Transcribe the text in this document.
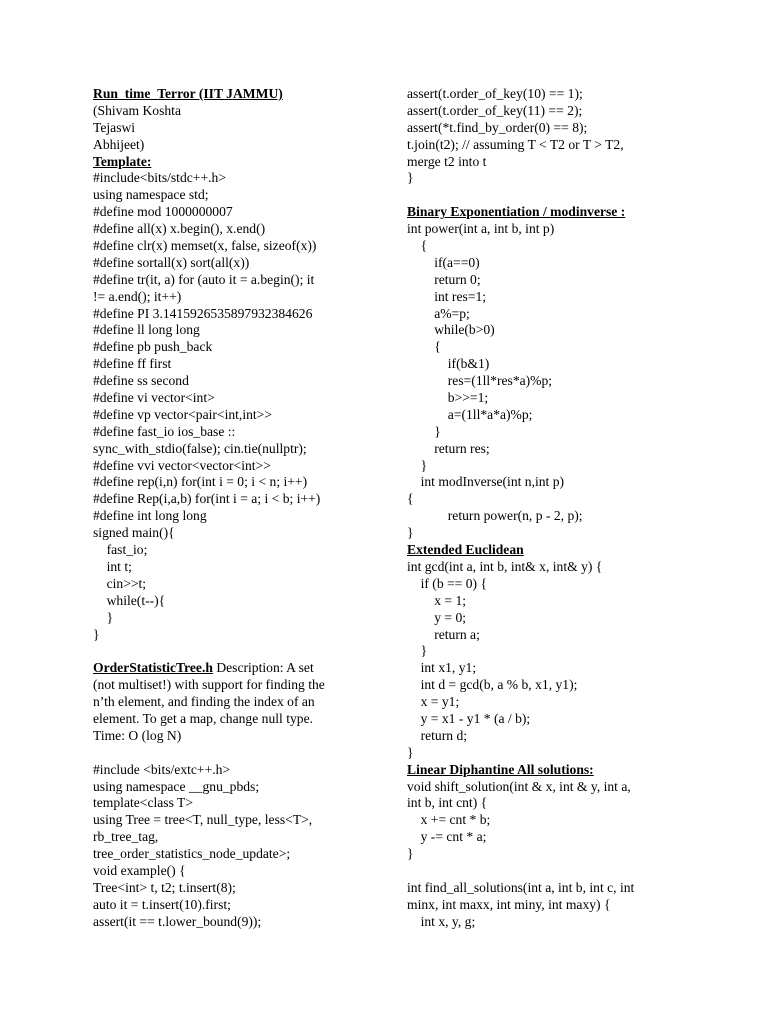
Run_time_Terror (IIT JAMMU)
(Shivam Koshta
Tejaswi
Abhijeet)
Template:
#include<bits/stdc++.h>
using namespace std;
#define mod 1000000007
#define all(x) x.begin(), x.end()
#define clr(x) memset(x, false, sizeof(x))
#define sortall(x) sort(all(x))
#define tr(it, a) for (auto it = a.begin(); it
!= a.end(); it++)
#define PI 3.1415926535897932384626
#define ll long long
#define pb push_back
#define ff first
#define ss second
#define vi vector<int>
#define vp vector<pair<int,int>>
#define fast_io ios_base ::
sync_with_stdio(false); cin.tie(nullptr);
#define vvi vector<vector<int>>
#define rep(i,n) for(int i = 0; i < n; i++)
#define Rep(i,a,b) for(int i = a; i < b; i++)
#define int long long
signed main(){
fast_io;
int t;
cin>>t;
while(t--){
}
}
OrderStatisticTree.h Description: A set
(not multiset!) with support for finding the
n’th element, and finding the index of an
element. To get a map, change null type.
Time: O (log N)
#include <bits/extc++.h>
using namespace __gnu_pbds;
template<class T>
using Tree = tree<T, null_type, less<T>,
rb_tree_tag,
tree_order_statistics_node_update>;
void example() {
Tree<int> t, t2; t.insert(8);
auto it = t.insert(10).first;
assert(it == t.lower_bound(9));
assert(t.order_of_key(10) == 1);
assert(t.order_of_key(11) == 2);
assert(*t.find_by_order(0) == 8);
t.join(t2); // assuming T < T2 or T > T2,
merge t2 into t
}
Binary Exponentiation / modinverse :
int power(int a, int b, int p)
{
if(a==0)
return 0;
int res=1;
a%=p;
while(b>0)
{
if(b&1)
res=(1ll*res*a)%p;
b>>=1;
a=(1ll*a*a)%p;
}
return res;
}
int modInverse(int n,int p)
{
return power(n, p - 2, p);
}
Extended Euclidean
int gcd(int a, int b, int& x, int& y) {
if (b == 0) {
x = 1;
y = 0;
return a;
}
int x1, y1;
int d = gcd(b, a % b, x1, y1);
x = y1;
y = x1 - y1 * (a / b);
return d;
}
Linear Diphantine All solutions:
void shift_solution(int & x, int & y, int a,
int b, int cnt) {
x += cnt * b;
y -= cnt * a;
}
int find_all_solutions(int a, int b, int c, int
minx, int maxx, int miny, int maxy) {
int x, y, g;
